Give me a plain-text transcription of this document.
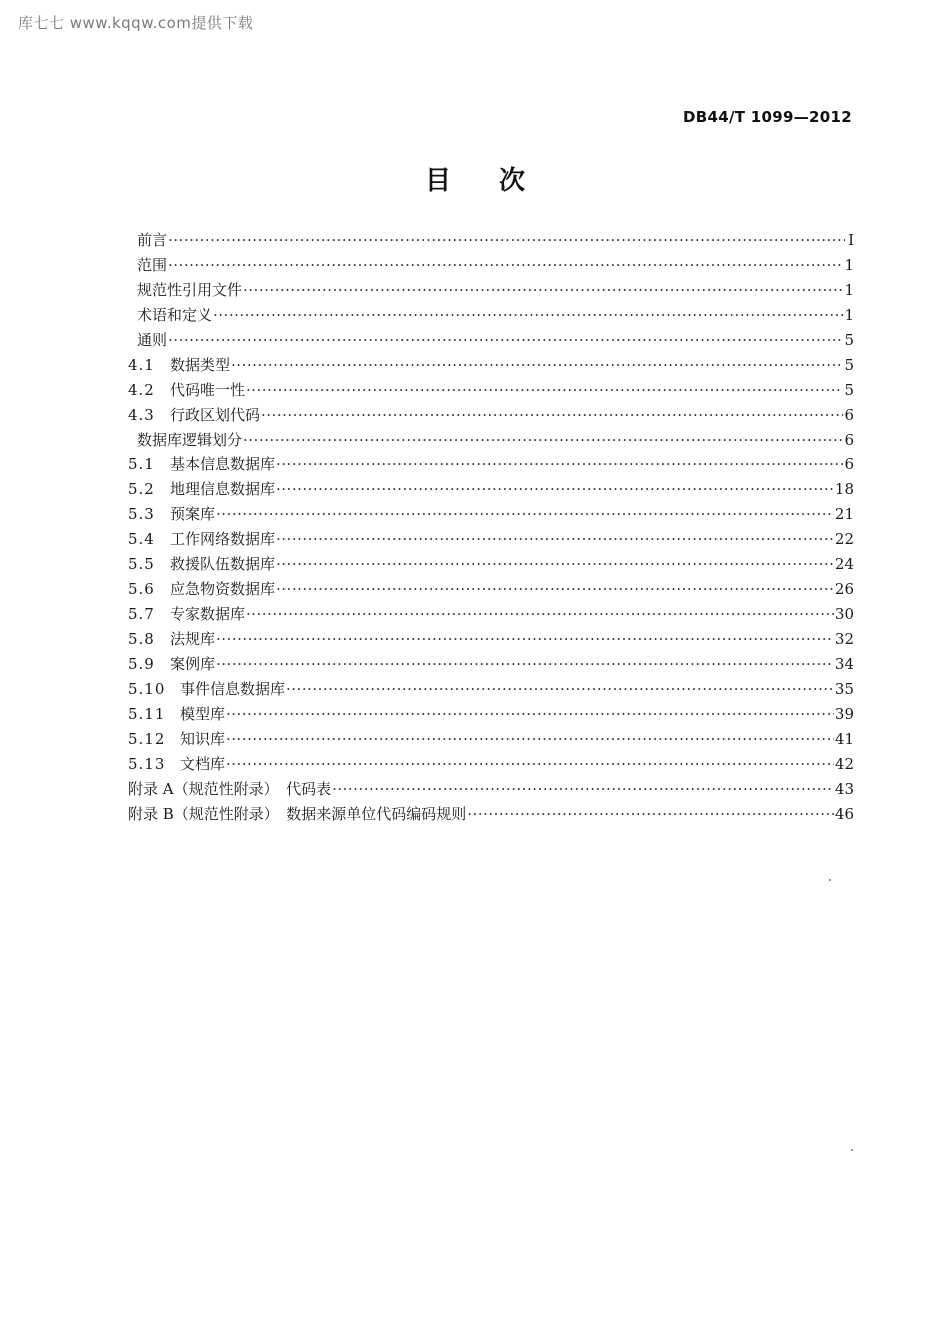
库七七 www.kqqw.com提供下载
DB44/T 1099—2012
目 次
前言 ·····	I
范围 ·····	1
规范性引用文件 ·····	1
术语和定义 ·····	1
通则 ·····	5
4.1	数据类型 ·····	5
4.2	代码唯一性 ·····	5
4.3	行政区划代码 ·····	6
数据库逻辑划分 ·····	6
5.1	基本信息数据库 ·····	6
5.2	地理信息数据库 ·····	18
5.3	预案库 ·····	21
5.4	工作网络数据库 ·····	22
5.5	救援队伍数据库 ·····	24
5.6	应急物资数据库 ·····	26
5.7	专家数据库 ·····	30
5.8	法规库 ·····	32
5.9	案例库 ·····	34
5.10 事件信息数据库 ·····	35
5.11 模型库 ·····	39
5.12 知识库 ·····	41
5.13 文档库 ·····	42
附录 A（规范性附录）　代码表 ·····	43
附录 B（规范性附录）　数据来源单位代码编码规则 ·····	46
